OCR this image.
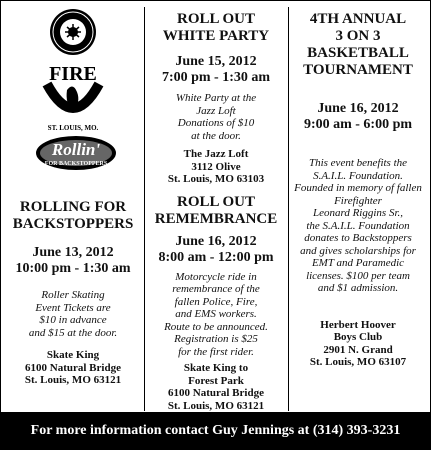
FIRE
ST. LOUIS, MO.
Rollin'
FOR BACKSTOPPERS
ROLLING FOR
BACKSTOPPERS
June 13, 2012
10:00 pm - 1:30 am
Roller Skating
Event Tickets are
$10 in advance
and $15 at the door.
Skate King
6100 Natural Bridge
St. Louis, MO 63121
ROLL OUT
WHITE PARTY
June 15, 2012
7:00 pm - 1:30 am
White Party at the
Jazz Loft
Donations of $10
at the door.
The Jazz Loft
3112 Olive
St. Louis, MO 63103
ROLL OUT
REMEMBRANCE
June 16, 2012
8:00 am - 12:00 pm
Motorcycle ride in
remembrance of the
fallen Police, Fire,
and EMS workers.
Route to be announced.
Registration is $25
for the first rider.
Skate King to
Forest Park
6100 Natural Bridge
St. Louis, MO 63121
4TH ANNUAL
3 ON 3
BASKETBALL
TOURNAMENT
June 16, 2012
9:00 am - 6:00 pm
This event benefits the
S.A.I.L. Foundation.
Founded in memory of fallen
Firefighter
Leonard Riggins Sr.,
the S.A.I.L. Foundation
donates to Backstoppers
and gives scholarships for
EMT and Paramedic
licenses. $100 per team
and $1 admission.
Herbert Hoover
Boys Club
2901 N. Grand
St. Louis, MO 63107
For more information contact Guy Jennings at (314) 393-3231
